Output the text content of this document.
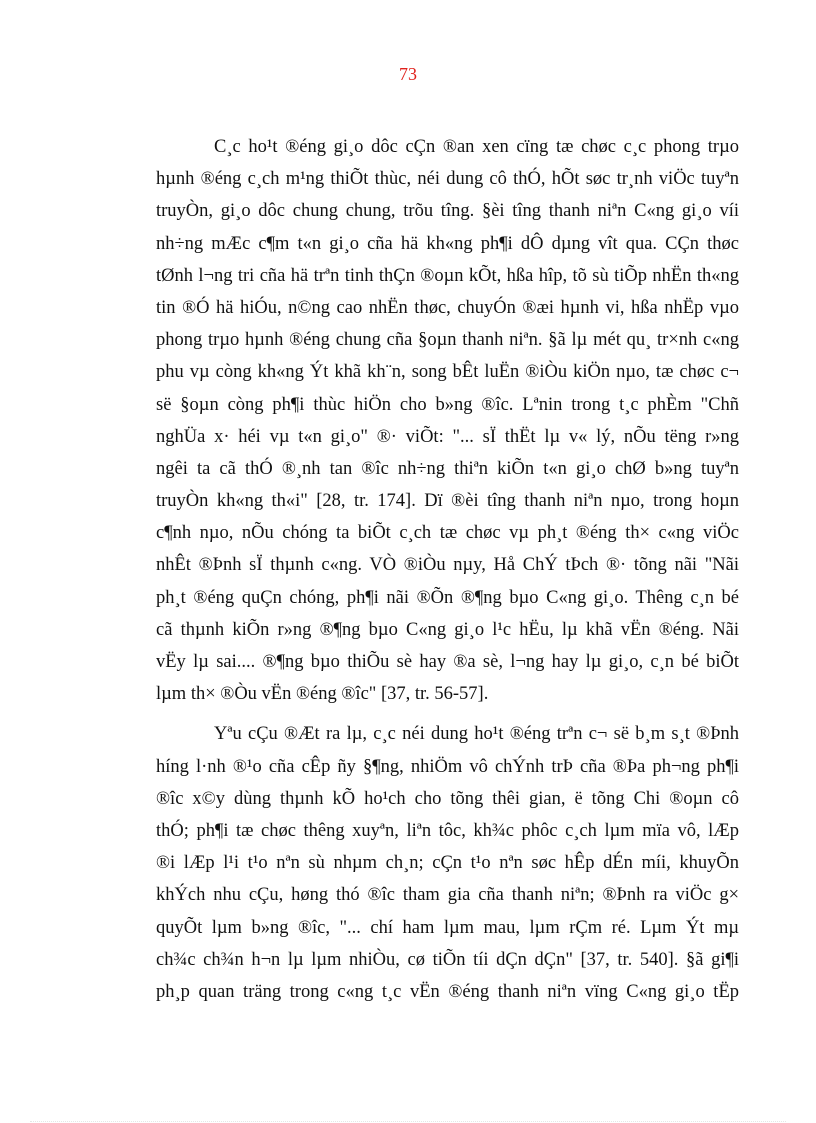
73
C¸c ho¹t ®éng gi¸o dôc cÇn ®an xen cïng tæ chøc c¸c phong trµo
hµnh ®éng c¸ch m¹ng thiÕt thùc, néi dung cô thÓ, hÕt søc tr¸nh viÖc tuyªn
truyÒn, gi¸o dôc chung chung, trõu tîng. §èi tîng thanh niªn C«ng gi¸o víi
nh÷ng mÆc c¶m t«n gi¸o cña hä kh«ng ph¶i dÔ dµng vît qua. CÇn thøc
tØnh l¬ng tri cña hä trªn tinh thÇn ®oµn kÕt, hßa hîp, tõ sù tiÕp nhËn th«ng
tin ®Ó hä hiÓu, n©ng cao nhËn thøc, chuyÓn ®æi hµnh vi, hßa nhËp vµo
phong trµo hµnh ®éng chung cña §oµn thanh niªn. §ã lµ mét qu¸ tr×nh c«ng
phu vµ còng kh«ng Ýt khã kh¨n, song bÊt luËn ®iÒu kiÖn nµo, tæ chøc c¬
së §oµn còng ph¶i thùc hiÖn cho b»ng ®îc. Lªnin trong t¸c phÈm "Chñ
nghÜa x· héi vµ t«n gi¸o" ®· viÕt: "... sÏ thËt lµ v« lý, nÕu tëng r»ng
ngêi ta cã thÓ ®¸nh tan ®îc nh÷ng thiªn kiÕn t«n gi¸o chØ b»ng tuyªn
truyÒn kh«ng th«i" [28, tr. 174]. Dï ®èi tîng thanh niªn nµo, trong hoµn
c¶nh nµo, nÕu chóng ta biÕt c¸ch tæ chøc vµ ph¸t ®éng th× c«ng viÖc
nhÊt ®Þnh sÏ thµnh c«ng. VÒ ®iÒu nµy, Hå ChÝ tÞch ®· tõng nãi "Nãi
ph¸t ®éng quÇn chóng, ph¶i nãi ®Õn ®¶ng bµo C«ng gi¸o. Thêng c¸n bé
cã thµnh kiÕn r»ng ®¶ng bµo C«ng gi¸o l¹c hËu, lµ khã vËn ®éng. Nãi
vËy lµ sai.... ®¶ng bµo thiÕu sè hay ®a sè, l¬ng hay lµ gi¸o, c¸n bé biÕt
lµm th× ®Òu vËn ®éng ®îc" [37, tr. 56-57].
Yªu cÇu ®Æt ra lµ, c¸c néi dung ho¹t ®éng trªn c¬ së b¸m s¸t ®Þnh
híng l·nh ®¹o cña cÊp ñy §¶ng, nhiÖm vô chÝnh trÞ cña ®Þa ph¬ng ph¶i
®îc x©y dùng thµnh kÕ ho¹ch cho tõng thêi gian, ë tõng Chi ®oµn cô
thÓ; ph¶i tæ chøc thêng xuyªn, liªn tôc, kh¾c phôc c¸ch lµm mïa vô, lÆp
®i lÆp l¹i t¹o nªn sù nhµm ch¸n; cÇn t¹o nªn søc hÊp dÉn míi, khuyÕn
khÝch nhu cÇu, høng thó ®îc tham gia cña thanh niªn; ®Þnh ra viÖc g×
quyÕt lµm b»ng ®îc, "... chí ham lµm mau, lµm rÇm ré. Lµm Ýt mµ
ch¾c ch¾n h¬n lµ lµm nhiÒu, cø tiÕn tíi dÇn dÇn" [37, tr. 540]. §ã gi¶i
ph¸p quan träng trong c«ng t¸c vËn ®éng thanh niªn vïng C«ng gi¸o tËp
